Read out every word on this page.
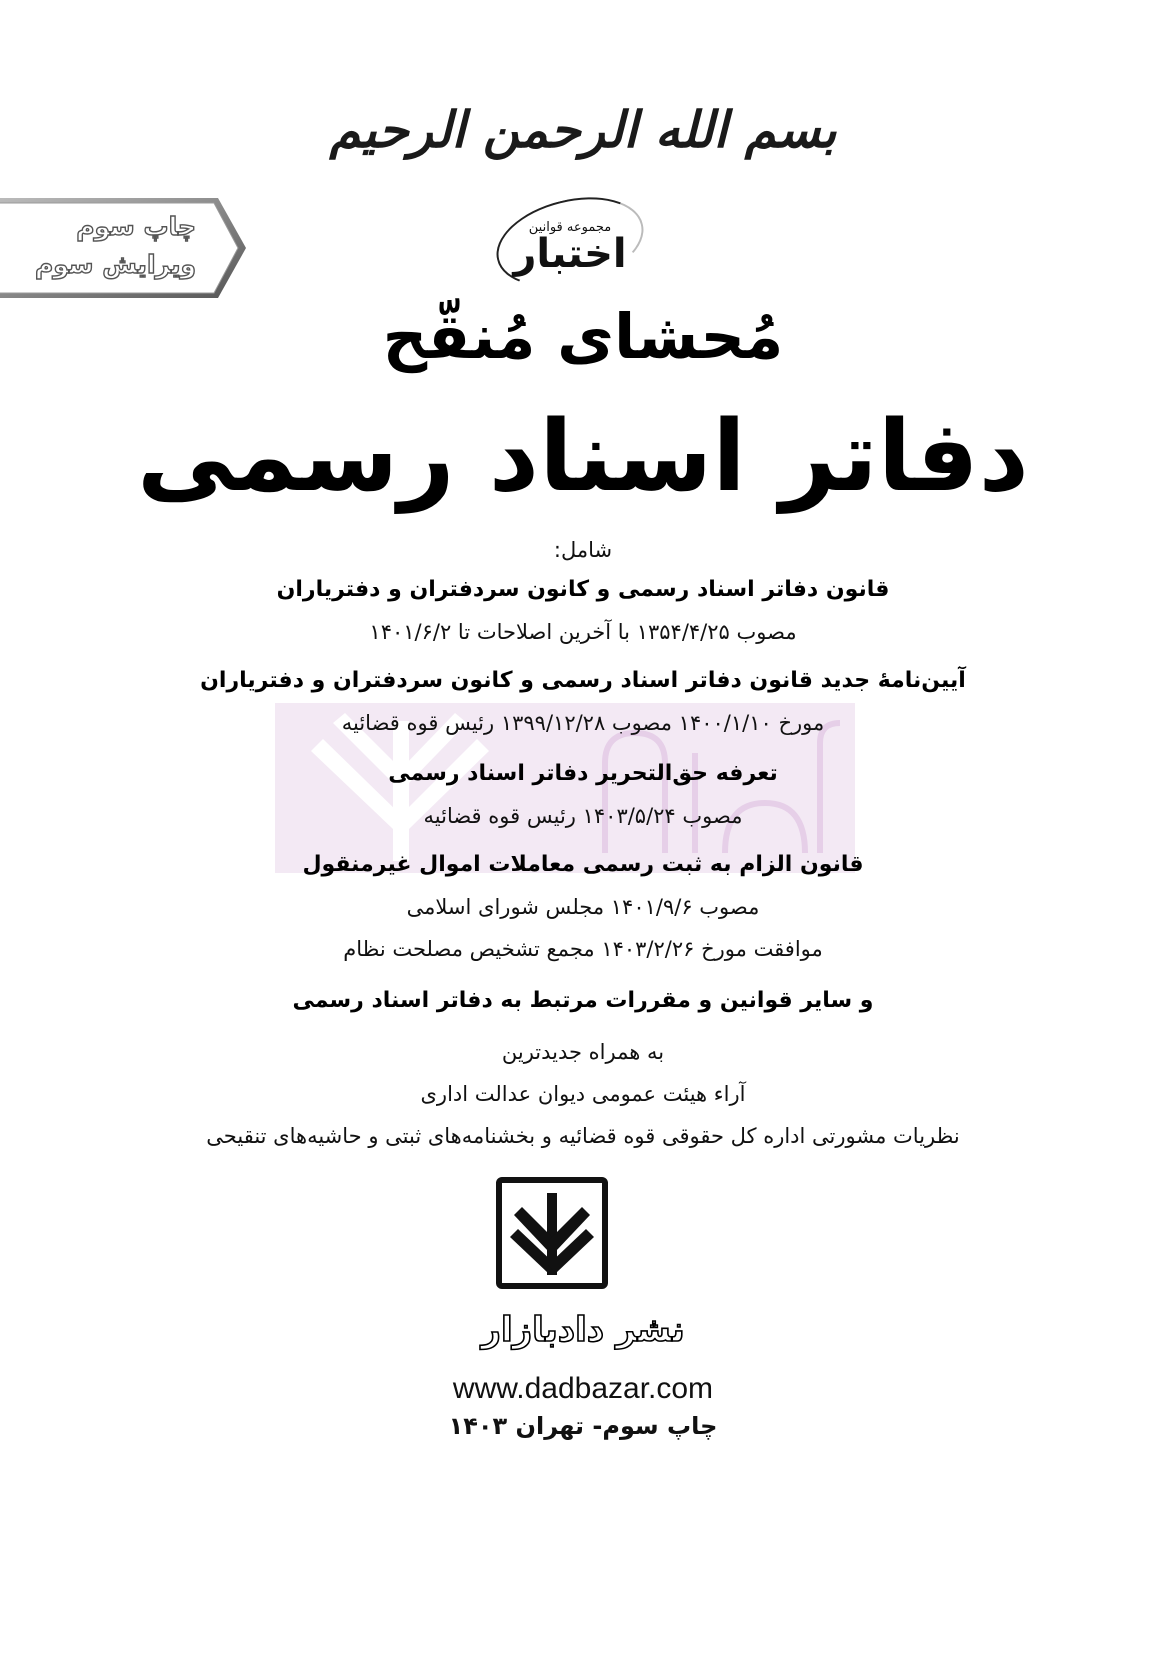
بسم الله الرحمن الرحیم
چاپ سوم
ویرایش سوم
مجموعه قوانین
اختبار
مُحشای مُنقّح
دفاتر اسناد رسمی
شامل:
قانون دفاتر اسناد رسمی و کانون سردفتران و دفتریاران
مصوب ۱۳۵۴/۴/۲۵ با آخرین اصلاحات تا ۱۴۰۱/۶/۲
آیین‌نامهٔ جدید قانون دفاتر اسناد رسمی و کانون سردفتران و دفتریاران
مورخ ۱۴۰۰/۱/۱۰ مصوب ۱۳۹۹/۱۲/۲۸ رئیس قوه قضائیه
تعرفه حق‌التحریر دفاتر اسناد رسمی
مصوب ۱۴۰۳/۵/۲۴ رئیس قوه قضائیه
قانون الزام به ثبت رسمی معاملات اموال غیرمنقول
مصوب ۱۴۰۱/۹/۶ مجلس شورای اسلامی
موافقت مورخ ۱۴۰۳/۲/۲۶ مجمع تشخیص مصلحت نظام
و سایر قوانین و مقررات مرتبط به دفاتر اسناد رسمی
به همراه جدیدترین
آراء هیئت عمومی دیوان عدالت اداری
نظریات مشورتی اداره کل حقوقی قوه قضائیه و بخشنامه‌های ثبتی و حاشیه‌های تنقیحی
نشر دادبازار
www.dadbazar.com
چاپ سوم- تهران ۱۴۰۳
